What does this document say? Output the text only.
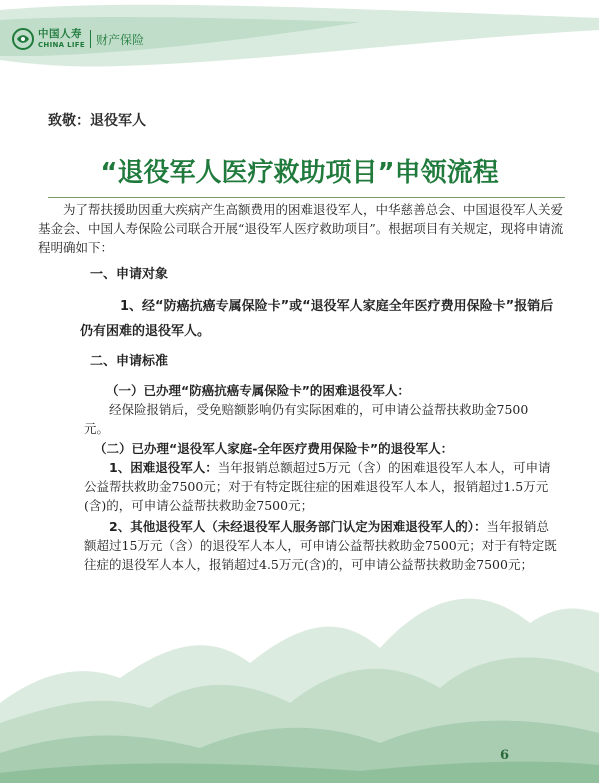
中国人寿
CHINA LIFE 财产保险
致敬：退役军人
“退役军人医疗救助项目”申领流程

为了帮扶援助因重大疾病产生高额费用的困难退役军人，中华慈善总会、中国退役军人关爱基金会、中国人寿保险公司联合开展“退役军人医疗救助项目”。根据项目有关规定，现将申请流程明确如下：

一、申请对象

1、经“防癌抗癌专属保险卡”或“退役军人家庭全年医疗费用保险卡”报销后仍有困难的退役军人。

二、申请标准

（一）已办理“防癌抗癌专属保险卡”的困难退役军人：

经保险报销后，受免赔额影响仍有实际困难的，可申请公益帮扶救助金7500元。

（二）已办理“退役军人家庭-全年医疗费用保险卡”的退役军人：

1、困难退役军人：当年报销总额超过5万元（含）的困难退役军人本人，可申请公益帮扶救助金7500元；对于有特定既往症的困难退役军人本人，报销超过1.5万元(含)的，可申请公益帮扶救助金7500元；

2、其他退役军人（未经退役军人服务部门认定为困难退役军人的）：当年报销总额超过15万元（含）的退役军人本人，可申请公益帮扶救助金7500元；对于有特定既往症的退役军人本人，报销超过4.5万元(含)的，可申请公益帮扶救助金7500元；

6
